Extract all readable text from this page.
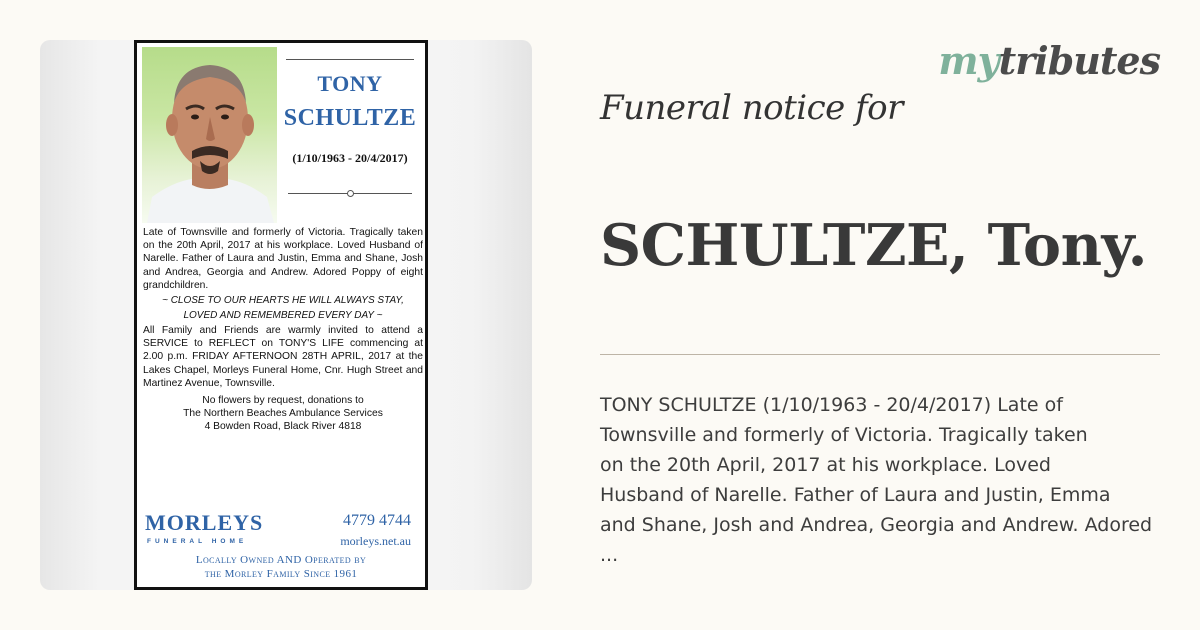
mytributes
TONY
SCHULTZE
(1/10/1963 - 20/4/2017)

Late of Townsville and formerly of Victoria. Tragically taken on the 20th April, 2017 at his workplace. Loved Husband of Narelle. Father of Laura and Justin, Emma and Shane, Josh and Andrea, Georgia and Andrew. Adored Poppy of eight grandchildren.

~ CLOSE TO OUR HEARTS HE WILL ALWAYS STAY,
LOVED AND REMEMBERED EVERY DAY ~

All Family and Friends are warmly invited to attend a SERVICE to REFLECT on TONY'S LIFE commencing at 2.00 p.m. FRIDAY AFTERNOON 28TH APRIL, 2017 at the Lakes Chapel, Morleys Funeral Home, Cnr. Hugh Street and Martinez Avenue, Townsville.

No flowers by request, donations to

The Northern Beaches Ambulance Services

4 Bowden Road, Black River 4818

MORLEYS
FUNERAL HOME
4779 4744
morleys.net.au
Locally Owned AND Operated by
the Morley Family Since 1961
Funeral notice for
SCHULTZE, Tony.
TONY SCHULTZE (1/10/1963 - 20/4/2017) Late of
Townsville and formerly of Victoria. Tragically taken
on the 20th April, 2017 at his workplace. Loved
Husband of Narelle. Father of Laura and Justin, Emma
and Shane, Josh and Andrea, Georgia and Andrew. Adored
...
